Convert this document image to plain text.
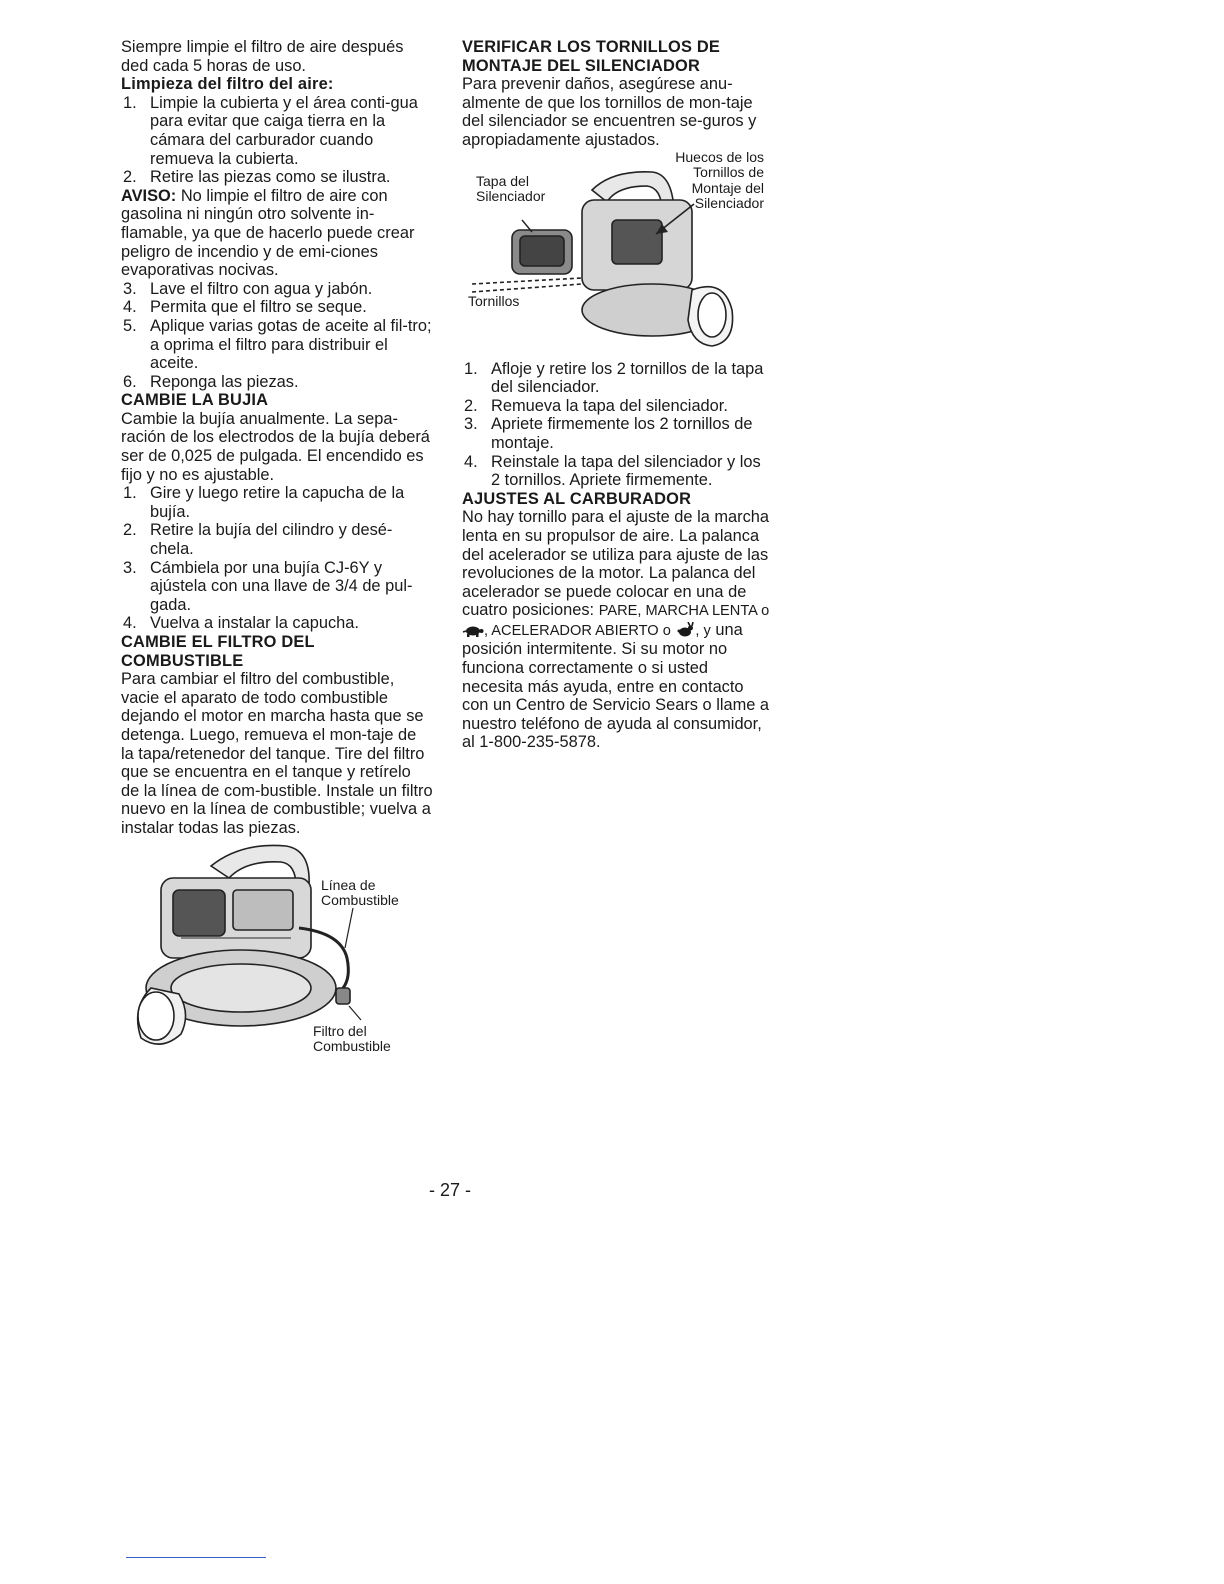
Siempre limpie el filtro de aire después ded cada 5 horas de uso.

Limpieza del filtro del aire:

1. Limpie la cubierta y el área conti-gua para evitar que caiga tierra en la cámara del carburador cuando remueva la cubierta.
2. Retire las piezas como se ilustra.

AVISO: No limpie el filtro de aire con gasolina ni ningún otro solvente in-flamable, ya que de hacerlo puede crear peligro de incendio y de emi-ciones evaporativas nocivas.

3. Lave el filtro con agua y jabón.
4. Permita que el filtro se seque.
5. Aplique varias gotas de aceite al fil-tro; a oprima el filtro para distribuir el aceite.
6. Reponga las piezas.

CAMBIE LA BUJIA

Cambie la bujía anualmente. La sepa-ración de los electrodos de la bujía deberá ser de 0,025 de pulgada. El encendido es fijo y no es ajustable.

1. Gire y luego retire la capucha de la bujía.
2. Retire la bujía del cilindro y desé-chela.
3. Cámbiela por una bujía CJ-6Y y ajústela con una llave de 3/4 de pul-gada.
4. Vuelva a instalar la capucha.

CAMBIE EL FILTRO DEL COMBUSTIBLE

Para cambiar el filtro del combustible, vacie el aparato de todo combustible dejando el motor en marcha hasta que se detenga. Luego, remueva el mon-taje de la tapa/retenedor del tanque. Tire del filtro que se encuentra en el tanque y retírelo de la línea de com-bustible. Instale un filtro nuevo en la línea de combustible; vuelva a instalar todas las piezas.

Línea de
Combustible
Filtro del
Combustible

VERIFICAR LOS TORNILLOS DE MONTAJE DEL SILENCIADOR

Para prevenir daños, asegúrese anu-almente de que los tornillos de mon-taje del silenciador se encuentren se-guros y apropiadamente ajustados.

Huecos de los
Tornillos de
Montaje del
Silenciador
Tapa del
Silenciador
Tornillos
1. Afloje y retire los 2 tornillos de la tapa del silenciador.
2. Remueva la tapa del silenciador.
3. Apriete firmemente los 2 tornillos de montaje.
4. Reinstale la tapa del silenciador y los 2 tornillos. Apriete firmemente.

AJUSTES AL CARBURADOR

No hay tornillo para el ajuste de la marcha lenta en su propulsor de aire. La palanca del acelerador se utiliza para ajuste de las revoluciones de la motor. La palanca del acelerador se puede colocar en una de cuatro posiciones: PARE, MARCHA LENTA o , ACELERADOR ABIERTO o , y una posición intermitente. Si su motor no funciona correctamente o si usted necesita más ayuda, entre en contacto con un Centro de Servicio Sears o llame a nuestro teléfono de ayuda al consumidor, al 1-800-235-5878.

- 27 -
